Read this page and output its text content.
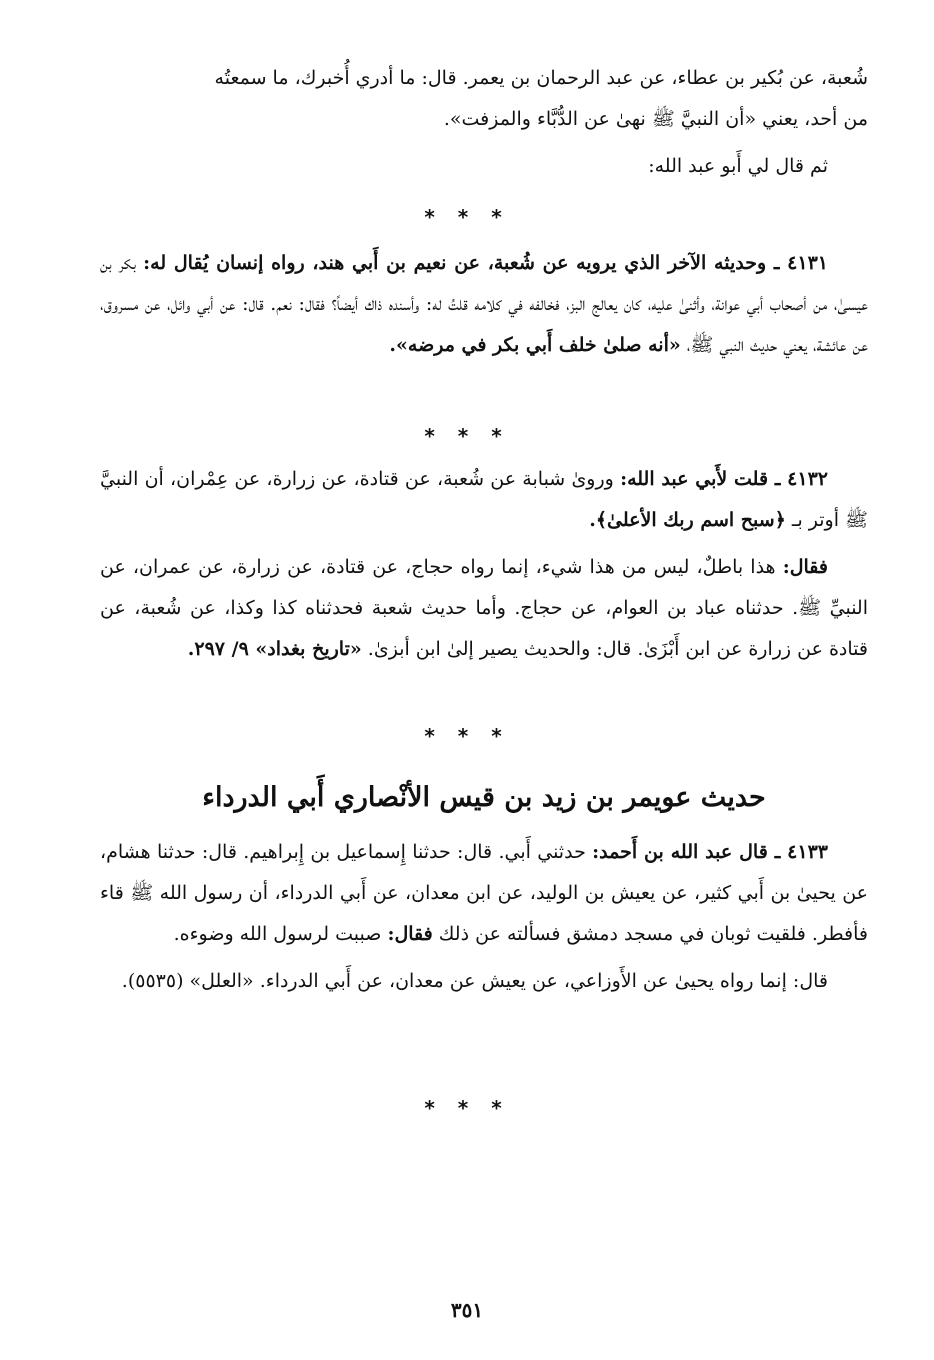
شُعبة، عن بُكير بن عطاء، عن عبد الرحمان بن يعمر. قال: ما أدري أُخبرك، ما سمعتُه

من أحد، يعني «أن النبيَّ ﷺ نهىٰ عن الدُّبَّاء والمزفت».

ثم قال لي أَبو عبد الله:

* * *

٤١٣١ ـ وحديثه الآخر الذي يرويه عن شُعبة، عن نعيم بن أَبي هند، رواه إنسان يُقال له: بكر بن عيسىٰ، من أصحاب أبي عوانة، وأثنىٰ عليه، كان يعالج البز، فخالفه في كلامه قلتُ له: وأسنده ذاك أيضاً؟ فقال: نعم. قال: عن أبي وائل، عن مسروق، عن عائشة، يعني حديث النبي ﷺ، «أنه صلىٰ خلف أَبي بكر في مرضه».

* * *

٤١٣٢ ـ قلت لأَبي عبد الله: وروىٰ شبابة عن شُعبة، عن قتادة، عن زرارة، عن عِمْران، أن النبيَّ ﷺ أوتر بـ ﴿سبح اسم ربك الأعلىٰ﴾.

فقال: هذا باطلٌ، ليس من هذا شيء، إنما رواه حجاج، عن قتادة، عن زرارة، عن عمران، عن النبيِّ ﷺ. حدثناه عباد بن العوام، عن حجاج. وأما حديث شعبة فحدثناه كذا وكذا، عن شُعبة، عن قتادة عن زرارة عن ابن أَبْزَىٰ. قال: والحديث يصير إلىٰ ابن أبزىٰ. «تاريخ بغداد» ٩/ ٢٩٧.

* * *
حديث عويمر بن زيد بن قيس الأنْصاري أَبي الدرداء

٤١٣٣ ـ قال عبد الله بن أَحمد: حدثني أَبي. قال: حدثنا إِسماعيل بن إِبراهيم. قال: حدثنا هشام، عن يحيىٰ بن أَبي كثير، عن يعيش بن الوليد، عن ابن معدان، عن أَبي الدرداء، أن رسول الله ﷺ قاء فأفطر. فلقيت ثوبان في مسجد دمشق فسألته عن ذلك فقال: صببت لرسول الله وضوءه.

قال: إنما رواه يحيىٰ عن الأَوزاعي، عن يعيش عن معدان، عن أَبي الدرداء. «العلل» (٥٥٣٥).

* * *
٣٥١
